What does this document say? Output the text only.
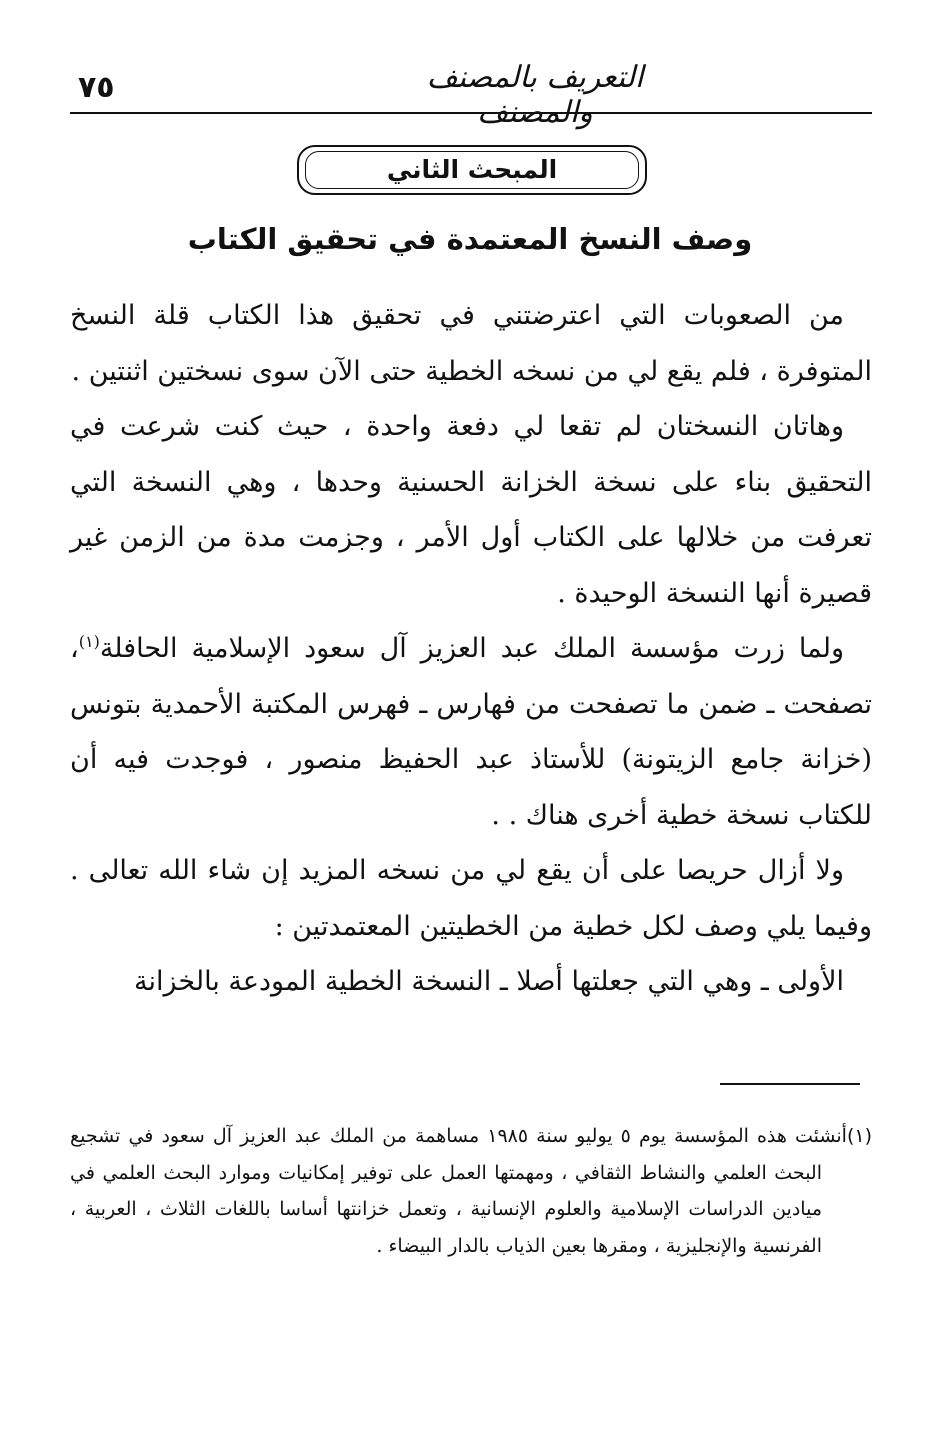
٧٥	التعريف بالمصنف والمصنف
المبحث الثاني
وصف النسخ المعتمدة في تحقيق الكتاب

من الصعوبات التي اعترضتني في تحقيق هذا الكتاب قلة النسخ المتوفرة ، فلم يقع لي من نسخه الخطية حتى الآن سوى نسختين اثنتين .

وهاتان النسختان لم تقعا لي دفعة واحدة ، حيث كنت شرعت في التحقيق بناء على نسخة الخزانة الحسنية وحدها ، وهي النسخة التي تعرفت من خلالها على الكتاب أول الأمر ، وجزمت مدة من الزمن غير قصيرة أنها النسخة الوحيدة .

ولما زرت مؤسسة الملك عبد العزيز آل سعود الإسلامية الحافلة$^{(١)}$، تصفحت ـ ضمن ما تصفحت من فهارس ـ فهرس المكتبة الأحمدية بتونس (خزانة جامع الزيتونة) للأستاذ عبد الحفيظ منصور ، فوجدت فيه أن للكتاب نسخة خطية أخرى هناك . .

ولا أزال حريصا على أن يقع لي من نسخه المزيد إن شاء الله تعالى . وفيما يلي وصف لكل خطية من الخطيتين المعتمدتين :

الأولى ـ وهي التي جعلتها أصلا ـ النسخة الخطية المودعة بالخزانة

(١)أنشئت هذه المؤسسة يوم ٥ يوليو سنة ١٩٨٥ مساهمة من الملك عبد العزيز آل سعود في تشجيع البحث العلمي والنشاط الثقافي ، ومهمتها العمل على توفير إمكانيات وموارد البحث العلمي في ميادين الدراسات الإسلامية والعلوم الإنسانية ، وتعمل خزانتها أساسا باللغات الثلاث ، العربية ، الفرنسية والإنجليزية ، ومقرها بعين الذياب بالدار البيضاء .
